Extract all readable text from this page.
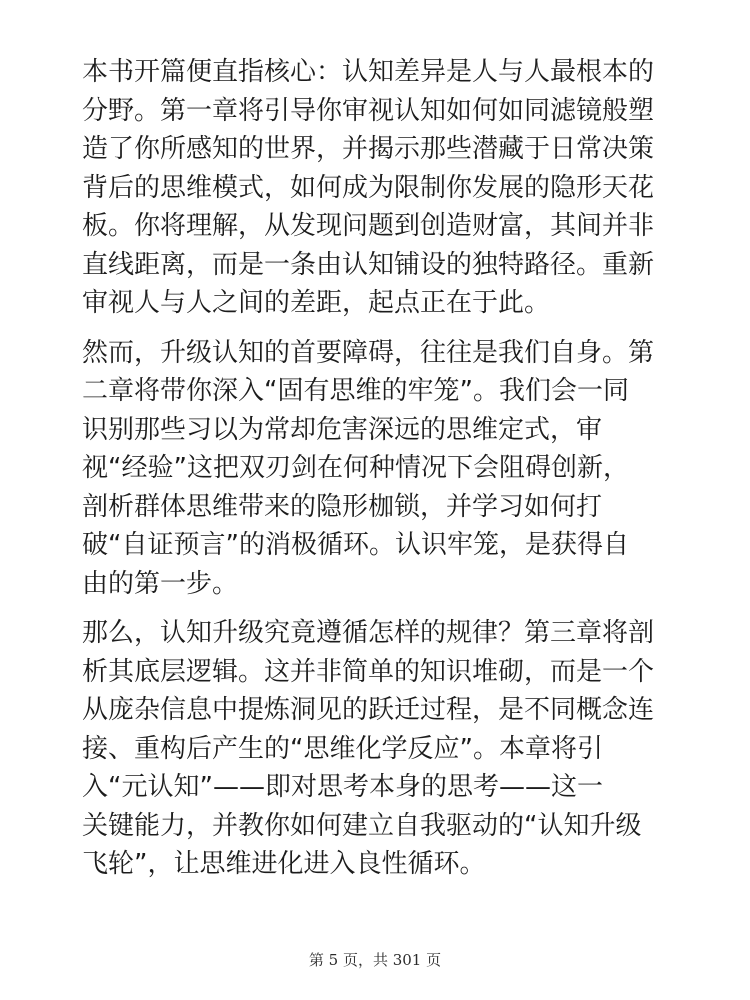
本书开篇便直指核心：认知差异是人与人最根本的
分野。第一章将引导你审视认知如何如同滤镜般塑
造了你所感知的世界，并揭示那些潜藏于日常决策
背后的思维模式，如何成为限制你发展的隐形天花
板。你将理解，从发现问题到创造财富，其间并非
直线距离，而是一条由认知铺设的独特路径。重新
审视人与人之间的差距，起点正在于此。

然而，升级认知的首要障碍，往往是我们自身。第
二章将带你深入“固有思维的牢笼”。我们会一同
识别那些习以为常却危害深远的思维定式，审
视“经验”这把双刃剑在何种情况下会阻碍创新，
剖析群体思维带来的隐形枷锁，并学习如何打
破“自证预言”的消极循环。认识牢笼，是获得自
由的第一步。

那么，认知升级究竟遵循怎样的规律？第三章将剖
析其底层逻辑。这并非简单的知识堆砌，而是一个
从庞杂信息中提炼洞见的跃迁过程，是不同概念连
接、重构后产生的“思维化学反应”。本章将引
入“元认知”——即对思考本身的思考——这一
关键能力，并教你如何建立自我驱动的“认知升级
飞轮”，让思维进化进入良性循环。

第 5 页，共 301 页
